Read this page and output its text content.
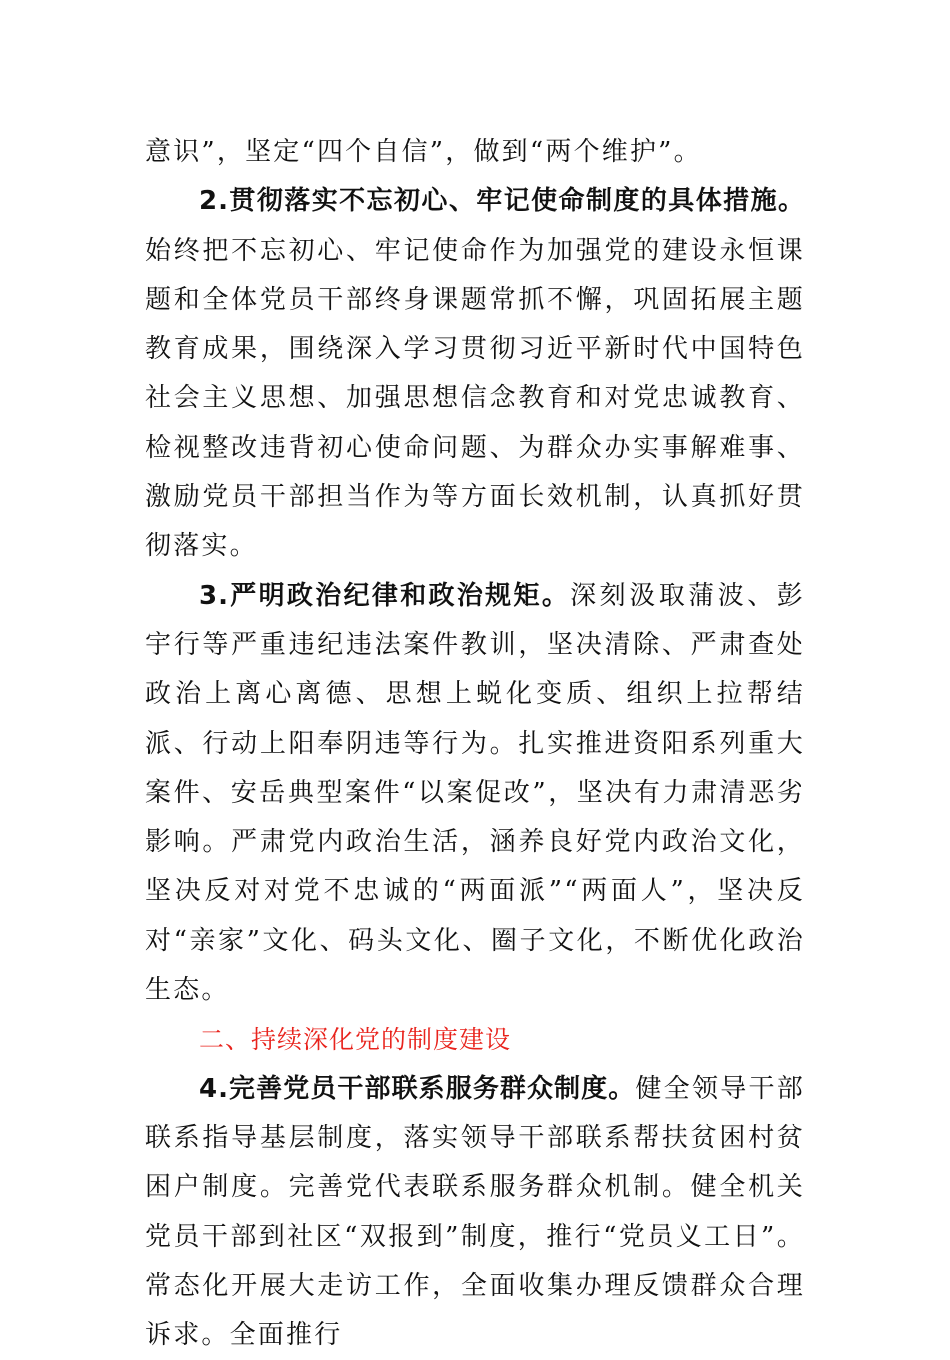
意识”，坚定“四个自信”，做到“两个维护”。

2.贯彻落实不忘初心、牢记使命制度的具体措施。始终把不忘初心、牢记使命作为加强党的建设永恒课题和全体党员干部终身课题常抓不懈，巩固拓展主题教育成果，围绕深入学习贯彻习近平新时代中国特色社会主义思想、加强思想信念教育和对党忠诚教育、检视整改违背初心使命问题、为群众办实事解难事、激励党员干部担当作为等方面长效机制，认真抓好贯彻落实。

3.严明政治纪律和政治规矩。深刻汲取蒲波、彭宇行等严重违纪违法案件教训，坚决清除、严肃查处政治上离心离德、思想上蜕化变质、组织上拉帮结派、行动上阳奉阴违等行为。扎实推进资阳系列重大案件、安岳典型案件“以案促改”，坚决有力肃清恶劣影响。严肃党内政治生活，涵养良好党内政治文化，坚决反对对党不忠诚的“两面派”“两面人”，坚决反对“亲家”文化、码头文化、圈子文化，不断优化政治生态。

二、持续深化党的制度建设

4.完善党员干部联系服务群众制度。健全领导干部联系指导基层制度，落实领导干部联系帮扶贫困村贫困户制度。完善党代表联系服务群众机制。健全机关党员干部到社区“双报到”制度，推行“党员义工日”。常态化开展大走访工作，全面收集办理反馈群众合理诉求。全面推行
